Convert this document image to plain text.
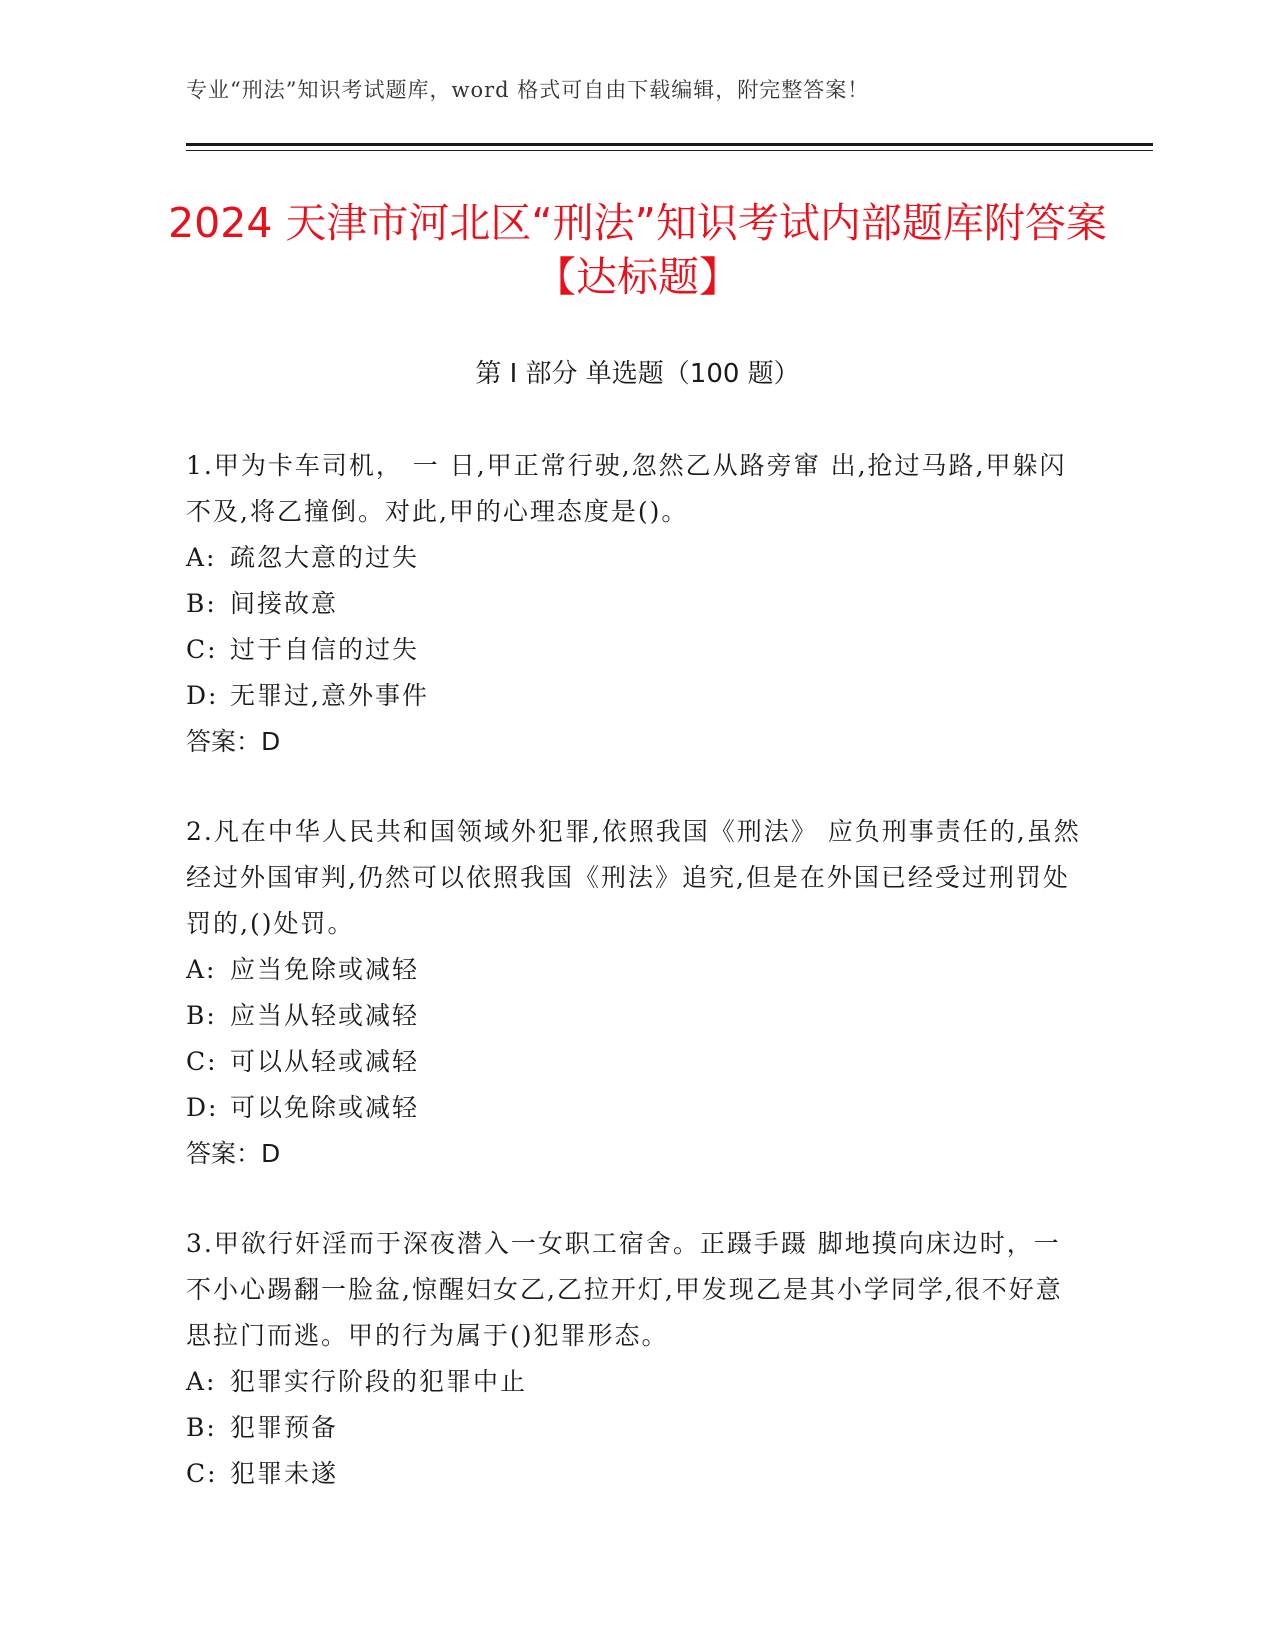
专业“刑法”知识考试题库，word 格式可自由下载编辑，附完整答案！
2024 天津市河北区“刑法”知识考试内部题库附答案【达标题】
第 I 部分 单选题（100 题）

1.甲为卡车司机， 一 日,甲正常行驶,忽然乙从路旁窜 出,抢过马路,甲躲闪不及,将乙撞倒。对此,甲的心理态度是()。

A: 疏忽大意的过失

B: 间接故意

C: 过于自信的过失

D: 无罪过,意外事件

答案：D

2.凡在中华人民共和国领域外犯罪,依照我国《刑法》 应负刑事责任的,虽然经过外国审判,仍然可以依照我国《刑法》追究,但是在外国已经受过刑罚处罚的,()处罚。

A: 应当免除或减轻

B: 应当从轻或减轻

C: 可以从轻或减轻

D: 可以免除或减轻

答案：D

3.甲欲行奸淫而于深夜潜入一女职工宿舍。正蹑手蹑 脚地摸向床边时，一不小心踢翻一脸盆,惊醒妇女乙,乙拉开灯,甲发现乙是其小学同学,很不好意思拉门而逃。甲的行为属于()犯罪形态。

A: 犯罪实行阶段的犯罪中止

B: 犯罪预备

C: 犯罪未遂
